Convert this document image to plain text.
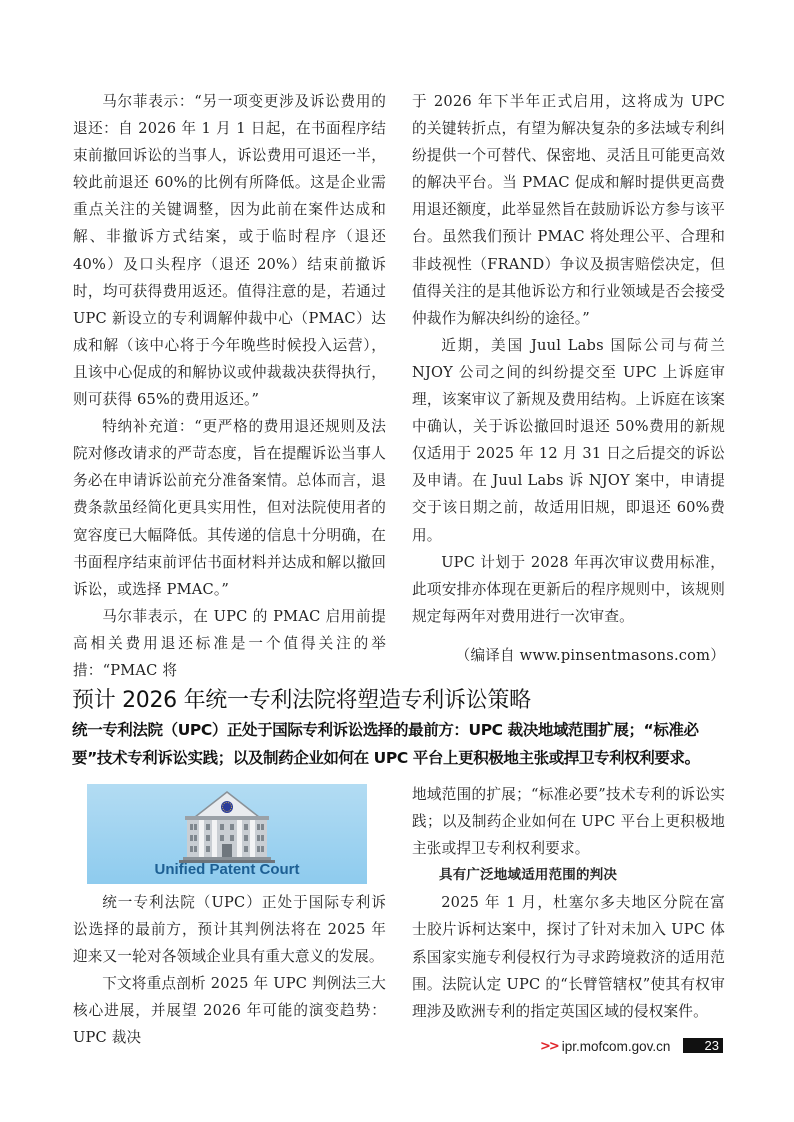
马尔菲表示：“另一项变更涉及诉讼费用的退还：自 2026 年 1 月 1 日起，在书面程序结束前撤回诉讼的当事人，诉讼费用可退还一半，较此前退还 60%的比例有所降低。这是企业需重点关注的关键调整，因为此前在案件达成和解、非撤诉方式结案，或于临时程序（退还 40%）及口头程序（退还 20%）结束前撤诉时，均可获得费用返还。值得注意的是，若通过 UPC 新设立的专利调解仲裁中心（PMAC）达成和解（该中心将于今年晚些时候投入运营），且该中心促成的和解协议或仲裁裁决获得执行，则可获得 65%的费用返还。”

特纳补充道：“更严格的费用退还规则及法院对修改请求的严苛态度，旨在提醒诉讼当事人务必在申请诉讼前充分准备案情。总体而言，退费条款虽经简化更具实用性，但对法院使用者的宽容度已大幅降低。其传递的信息十分明确，在书面程序结束前评估书面材料并达成和解以撤回诉讼，或选择 PMAC。”

马尔菲表示，在 UPC 的 PMAC 启用前提高相关费用退还标准是一个值得关注的举措：“PMAC 将

于 2026 年下半年正式启用，这将成为 UPC 的关键转折点，有望为解决复杂的多法域专利纠纷提供一个可替代、保密地、灵活且可能更高效的解决平台。当 PMAC 促成和解时提供更高费用退还额度，此举显然旨在鼓励诉讼方参与该平台。虽然我们预计 PMAC 将处理公平、合理和非歧视性（FRAND）争议及损害赔偿决定，但值得关注的是其他诉讼方和行业领域是否会接受仲裁作为解决纠纷的途径。”

近期，美国 Juul Labs 国际公司与荷兰 NJOY 公司之间的纠纷提交至 UPC 上诉庭审理，该案审议了新规及费用结构。上诉庭在该案中确认，关于诉讼撤回时退还 50%费用的新规仅适用于 2025 年 12 月 31 日之后提交的诉讼及申请。在 Juul Labs 诉 NJOY 案中，申请提交于该日期之前，故适用旧规，即退还 60%费用。

UPC 计划于 2028 年再次审议费用标准，此项安排亦体现在更新后的程序规则中，该规则规定每两年对费用进行一次审查。

（编译自 www.pinsentmasons.com）

预计 2026 年统一专利法院将塑造专利诉讼策略
统一专利法院（UPC）正处于国际专利诉讼选择的最前方：UPC 裁决地域范围扩展；“标准必要”技术专利诉讼实践；以及制药企业如何在 UPC 平台上更积极地主张或捍卫专利权利要求。
Unified Patent Court

统一专利法院（UPC）正处于国际专利诉讼选择的最前方，预计其判例法将在 2025 年迎来又一轮对各领域企业具有重大意义的发展。

下文将重点剖析 2025 年 UPC 判例法三大核心进展，并展望 2026 年可能的演变趋势：UPC 裁决

地域范围的扩展；“标准必要”技术专利的诉讼实践；以及制药企业如何在 UPC 平台上更积极地主张或捍卫专利权利要求。

具有广泛地域适用范围的判决

2025 年 1 月，杜塞尔多夫地区分院在富士胶片诉柯达案中，探讨了针对未加入 UPC 体系国家实施专利侵权行为寻求跨境救济的适用范围。法院认定 UPC 的“长臂管辖权”使其有权审理涉及欧洲专利的指定英国区域的侵权案件。

>> ipr.mofcom.gov.cn	23
